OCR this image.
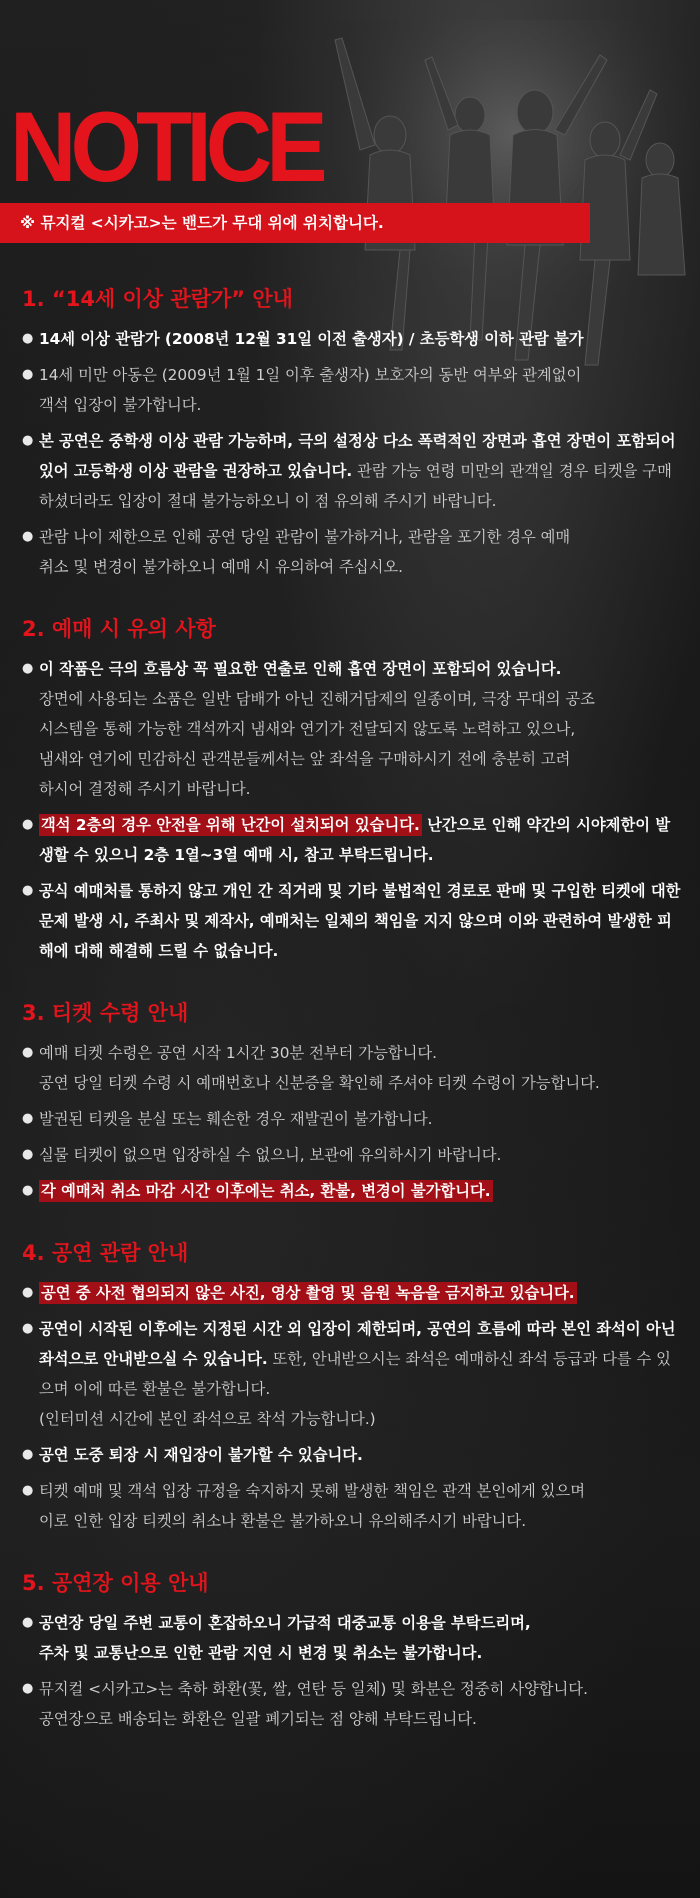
NOTICE

※ 뮤지컬 <시카고>는 밴드가 무대 위에 위치합니다.

1. “14세 이상 관람가” 안내

● 14세 이상 관람가 (2008년 12월 31일 이전 출생자) / 초등학생 이하 관람 불가

● 14세 미만 아동은 (2009년 1월 1일 이후 출생자) 보호자의 동반 여부와 관계없이
객석 입장이 불가합니다.

● 본 공연은 중학생 이상 관람 가능하며, 극의 설정상 다소 폭력적인 장면과 흡연 장면이 포함되어 있어 고등학생 이상 관람을 권장하고 있습니다. 관람 가능 연령 미만의 관객일 경우 티켓을 구매하셨더라도 입장이 절대 불가능하오니 이 점 유의해 주시기 바랍니다.

● 관람 나이 제한으로 인해 공연 당일 관람이 불가하거나, 관람을 포기한 경우 예매
취소 및 변경이 불가하오니 예매 시 유의하여 주십시오.

2. 예매 시 유의 사항

● 이 작품은 극의 흐름상 꼭 필요한 연출로 인해 흡연 장면이 포함되어 있습니다.
장면에 사용되는 소품은 일반 담배가 아닌 진해거담제의 일종이며, 극장 무대의 공조
시스템을 통해 가능한 객석까지 냄새와 연기가 전달되지 않도록 노력하고 있으나,
냄새와 연기에 민감하신 관객분들께서는 앞 좌석을 구매하시기 전에 충분히 고려
하시어 결정해 주시기 바랍니다.

● 객석 2층의 경우 안전을 위해 난간이 설치되어 있습니다. 난간으로 인해 약간의 시야제한이 발생할 수 있으니 2층 1열~3열 예매 시, 참고 부탁드립니다.

● 공식 예매처를 통하지 않고 개인 간 직거래 및 기타 불법적인 경로로 판매 및 구입한 티켓에 대한 문제 발생 시, 주최사 및 제작사, 예매처는 일체의 책임을 지지 않으며 이와 관련하여 발생한 피해에 대해 해결해 드릴 수 없습니다.

3. 티켓 수령 안내

● 예매 티켓 수령은 공연 시작 1시간 30분 전부터 가능합니다.
공연 당일 티켓 수령 시 예매번호나 신분증을 확인해 주셔야 티켓 수령이 가능합니다.

● 발권된 티켓을 분실 또는 훼손한 경우 재발권이 불가합니다.

● 실물 티켓이 없으면 입장하실 수 없으니, 보관에 유의하시기 바랍니다.

● 각 예매처 취소 마감 시간 이후에는 취소, 환불, 변경이 불가합니다.

4. 공연 관람 안내

● 공연 중 사전 협의되지 않은 사진, 영상 촬영 및 음원 녹음을 금지하고 있습니다.

● 공연이 시작된 이후에는 지정된 시간 외 입장이 제한되며, 공연의 흐름에 따라 본인 좌석이 아닌 좌석으로 안내받으실 수 있습니다. 또한, 안내받으시는 좌석은 예매하신 좌석 등급과 다를 수 있으며 이에 따른 환불은 불가합니다.
(인터미션 시간에 본인 좌석으로 착석 가능합니다.)

● 공연 도중 퇴장 시 재입장이 불가할 수 있습니다.

● 티켓 예매 및 객석 입장 규정을 숙지하지 못해 발생한 책임은 관객 본인에게 있으며
이로 인한 입장 티켓의 취소나 환불은 불가하오니 유의해주시기 바랍니다.

5. 공연장 이용 안내

● 공연장 당일 주변 교통이 혼잡하오니 가급적 대중교통 이용을 부탁드리며,
주차 및 교통난으로 인한 관람 지연 시 변경 및 취소는 불가합니다.

● 뮤지컬 <시카고>는 축하 화환(꽃, 쌀, 연탄 등 일체) 및 화분은 정중히 사양합니다.
공연장으로 배송되는 화환은 일괄 폐기되는 점 양해 부탁드립니다.
